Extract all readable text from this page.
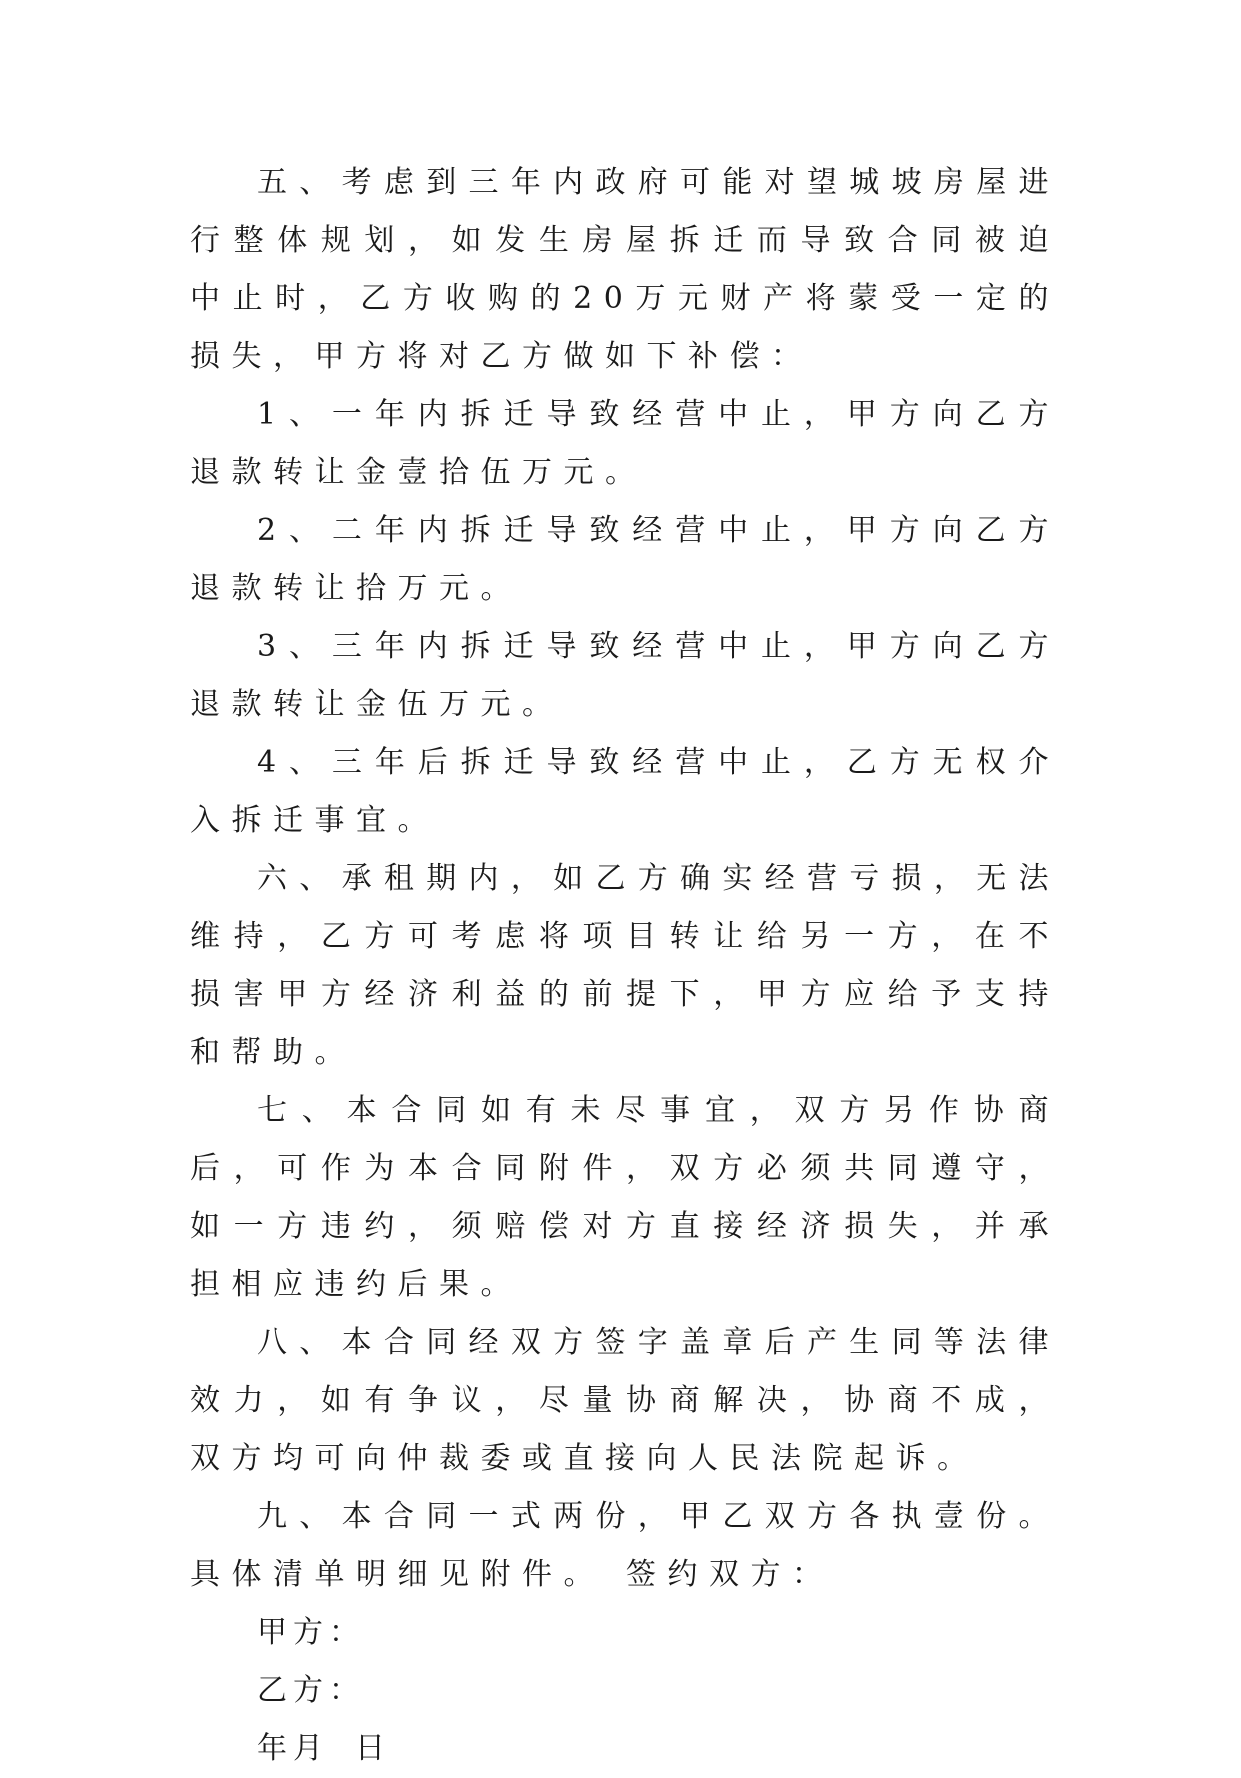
五、考虑到三年内政府可能对望城坡房屋进行整体规划，如发生房屋拆迁而导致合同被迫中止时，乙方收购的20万元财产将蒙受一定的损失，甲方将对乙方做如下补偿：

1、一年内拆迁导致经营中止，甲方向乙方退款转让金壹拾伍万元。

2、二年内拆迁导致经营中止，甲方向乙方退款转让拾万元。

3、三年内拆迁导致经营中止，甲方向乙方退款转让金伍万元。

4、三年后拆迁导致经营中止，乙方无权介入拆迁事宜。

六、承租期内，如乙方确实经营亏损，无法维持，乙方可考虑将项目转让给另一方，在不损害甲方经济利益的前提下，甲方应给予支持和帮助。

七、本合同如有未尽事宜，双方另作协商后，可作为本合同附件，双方必须共同遵守，如一方违约，须赔偿对方直接经济损失，并承担相应违约后果。

八、本合同经双方签字盖章后产生同等法律效力，如有争议，尽量协商解决，协商不成，双方均可向仲裁委或直接向人民法院起诉。

九、本合同一式两份，甲乙双方各执壹份。具体清单明细见附件。 签约双方：

甲方：

乙方：

年月 日
